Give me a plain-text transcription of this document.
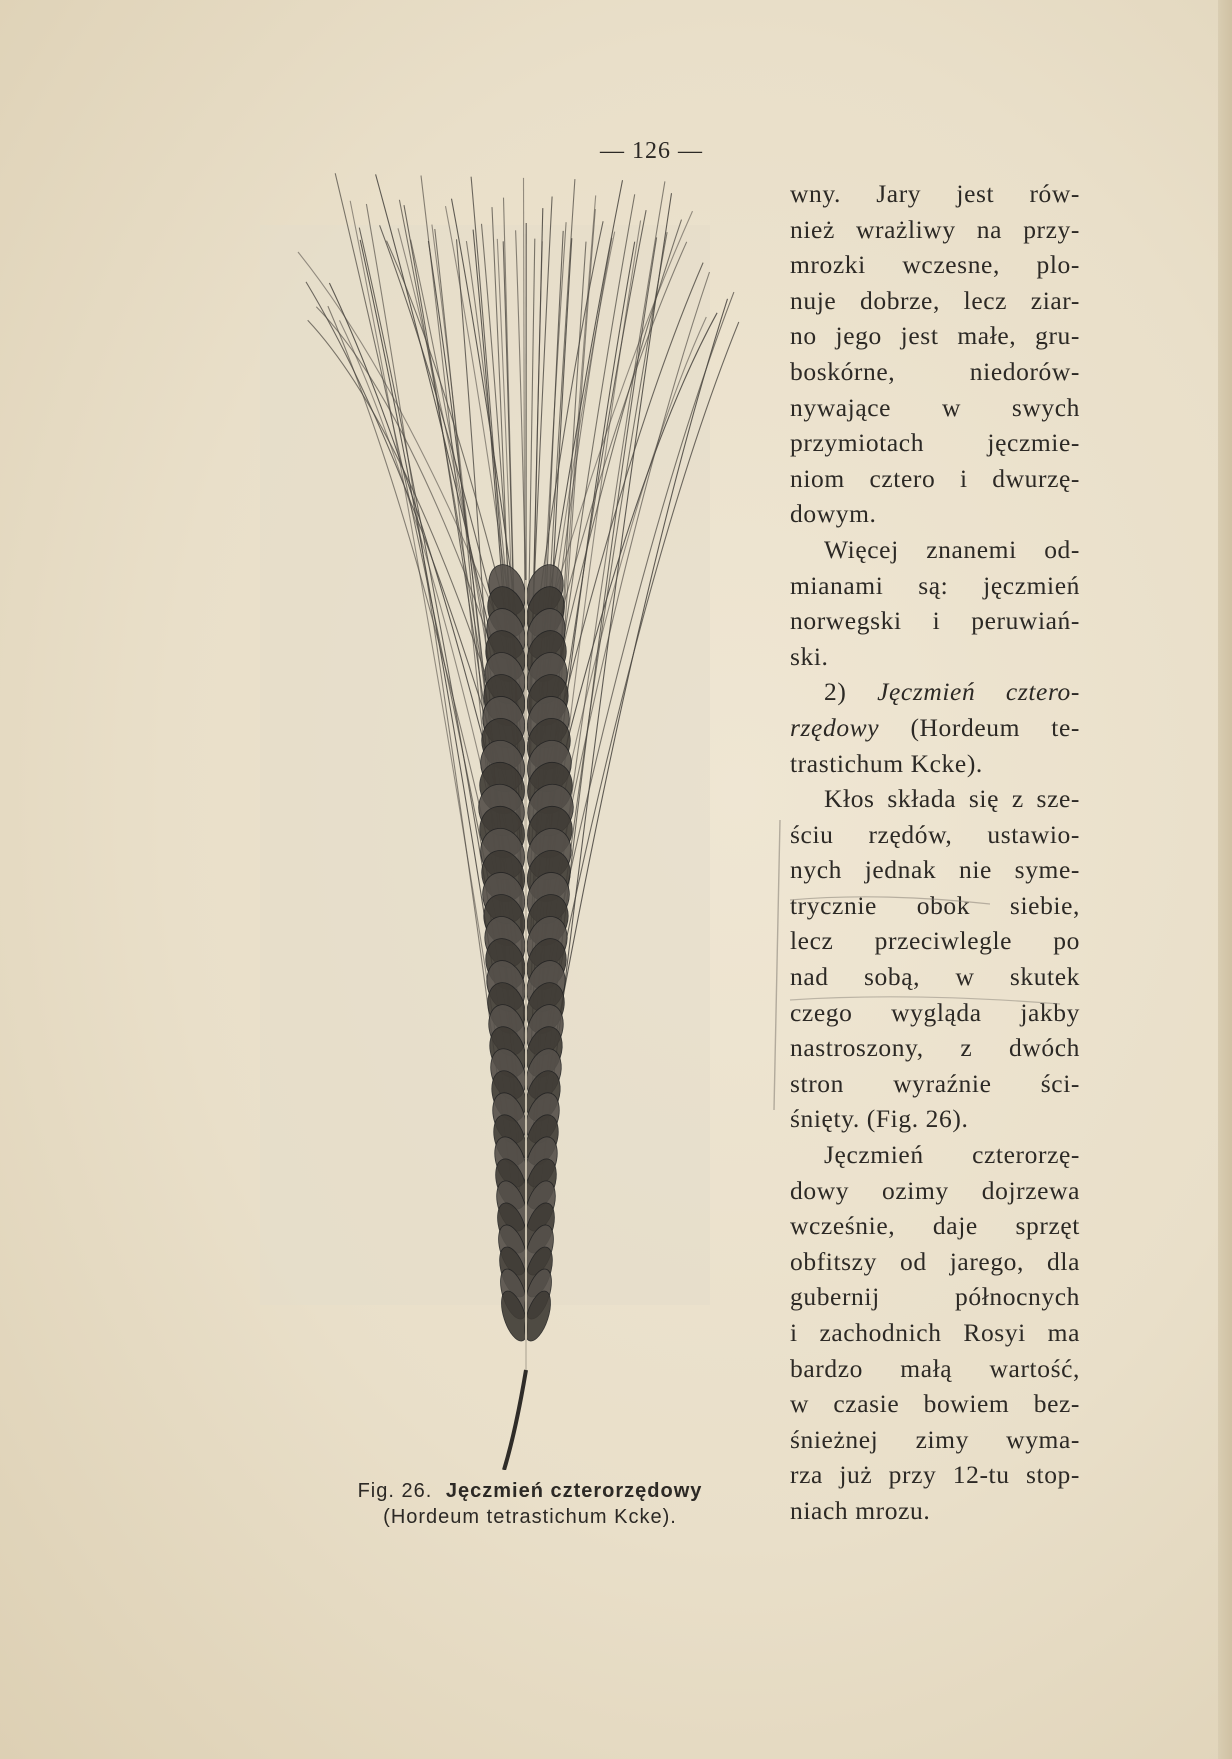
— 126 —
Fig. 26. Jęczmień czterorzędowy
(Hordeum tetrastichum Kcke).
wny. Jary jest rów-
nież wrażliwy na przy-
mrozki wczesne, plo-
nuje dobrze, lecz ziar-
no jego jest małe, gru-
boskórne, niedorów-
nywające w swych
przymiotach jęczmie-
niom cztero i dwurzę-
dowym.
Więcej znanemi od-
mianami są: jęczmień
norwegski i peruwiań-
ski.
2) Jęczmień cztero-
rzędowy (Hordeum te-
trastichum Kcke).
Kłos składa się z sze-
ściu rzędów, ustawio-
nych jednak nie syme-
trycznie obok siebie,
lecz przeciwlegle po
nad sobą, w skutek
czego wygląda jakby
nastroszony, z dwóch
stron wyraźnie ści-
śnięty. (Fig. 26).
Jęczmień czterorzę-
dowy ozimy dojrzewa
wcześnie, daje sprzęt
obfitszy od jarego, dla
gubernij północnych
i zachodnich Rosyi ma
bardzo małą wartość,
w czasie bowiem bez-
śnieżnej zimy wyma-
rza już przy 12-tu stop-
niach mrozu.
